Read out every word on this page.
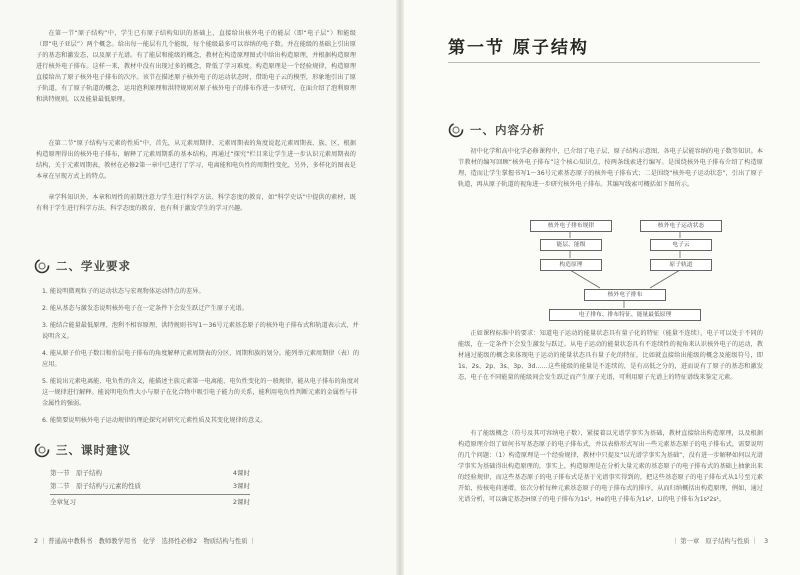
在第一节“原子结构”中，学生已有原子结构知识的基础上，直接给出核外电子的能层（即“电子层”）和能级（即“电子亚层”）两个概念。给出每一能层有几个能级，每个能级最多可以容纳的电子数。并在能级的基础上引出原子的基态和激发态，以及原子光谱。有了能层和能级的概念，教材在构造原理图式中给出构造原理，并根据构造原理进行核外电子排布。这样一来，教材中没有出现过多的概念，降低了学习难度。构造原理是一个经验规律，构造原理直接给出了原子核外电子排布的次序。该节在描述原子核外电子的运动状态时，借助电子云的模型，形象地引出了原子轨道，有了原子轨道的概念，运用泡利原理和洪特规则对原子核外电子的排布作进一步研究，在面介绍了泡利原理和洪特规则，以及能量最低原理。
在第二节“原子结构与元素的性质”中，首先，从元素周期律、元素周期表的角度说起元素周期表、族、区，根据构造原理得出的核外电子排布，解释了元素周期系的基本结构，再通过“探究”栏目来让学生进一步认识元素周期表的结构，关于元素周期表，教材在必修2第一章中已进行了学习，电离能和电负性的周期性变化，另外，多样化的图表是本章在呈现方式上的特点。
章学科知识外，本章和周性的前期注意力学生进行科学方法、科学态度的教育，如“科学史话”中提供的素材，既有利于学生进行科学方法、科学态度的教育，也有利于激发学生的学习兴趣。
二、学业要求
1. 能说明微观粒子的运动状态与宏观物体运动特点的差异。
2. 能从基态与激发态说明核外电子在一定条件下会发生跃迁产生原子光谱。
3. 能结合能量最低原理、泡利不相容原理、洪特规则书写1～36号元素基态原子的核外电子排布式和轨道表示式，并说明含义。
4. 能从原子价电子数目和价层电子排布的角度解释元素周期表的分区、周期和族的划分。能列举元素周期律（表）的应用。
5. 能说出元素电离能、电负性的含义，能描述主族元素第一电离能、电负性变化的一般规律，能从电子排布的角度对这一规律进行解释。能说明电负性大小与原子在化合物中吸引电子能力的关系，能利用电负性判断元素的金属性与非金属性的强弱。
6. 能简要说明核外电子运动规律的理论探究对研究元素性质及其变化规律的意义。
三、课时建议
第一节　原子结构	4课时
第二节　原子结构与元素的性质	3课时
全章复习	2课时
2 ｜ 普通高中教科书　教师教学用书　化学　选择性必修2　物质结构与性质 ｜
第一节 原子结构
一、内容分析
初中化学和高中化学必修课程中，已介绍了电子层、原子结构示意图、各电子层能容纳的电子数等知识。本节教材的编写回顾“核外电子排布”这个核心知识点，按两条线索进行编写。是围绕核外电子排布介绍了构造原理，造而让学生掌握书写1～36号元素基态原子的核外电子排布式；二是围绕“核外电子运动状态”，引出了原子轨道，再从原子轨道的视角进一步研究核外电子排布。其编写线索可概括如下图所示。
核外电子排布规律	核外电子运动状态
能层、能级	电子云
构造原理	原子轨道
核外电子排布
电子排布、排布特征、能量最低原理
正如课程标准中的要求：知道电子运动的能量状态具有量子化的特征（能量不连续），电子可以处于不同的能级，在一定条件下会发生激发与跃迁。从电子运动的能量状态具有不连续性的视角来认识核外电子的运动，教材通过能级的概念来体现电子运动的能量状态具有量子化的特征，比如就直接给出能级的概念及能级符号，即1s、2s、2p、3s、3p、3d……这些能级的能量是不连续的，是有高低之分的，进而说有了原子的基态和激发态，电子在不同能量的能级间会发生跃迁而产生原子光谱，可利用原子光谱上的特征谱线来鉴定元素。
有了能级概念（符号及其可容纳电子数），紧接着以光谱学事实为基础，教材直接给出构造原理，以及根据构造原理介绍了如何书写基态原子的电子排布式，并以表格形式写出一些元素基态原子的电子排布式，需要说明的几个问题：（1）构造原理是一个经验规律，教材中只提及“以光谱学事实为基础”，没有进一步解释如何以光谱学事实为基础得出构造原理的，事实上，构造原理是在分析大量元素的基态原子的电子排布式的基础上抽象出来的经验规律，而这些基态原子的电子排布式是基于光谱事实得到的，把这些基态原子的电子排布式从1号至元素开始，按核电荷递增，依次分析每种元素基态原子的电子排布式的排序，从而归纳概括出构造原理，例如，通过光谱分析，可以确定基态H原子的电子排布为1s¹，He的电子排布为1s²，Li的电子排布为1s²2s¹，
｜ 第一章　原子结构与性质 ｜　3
